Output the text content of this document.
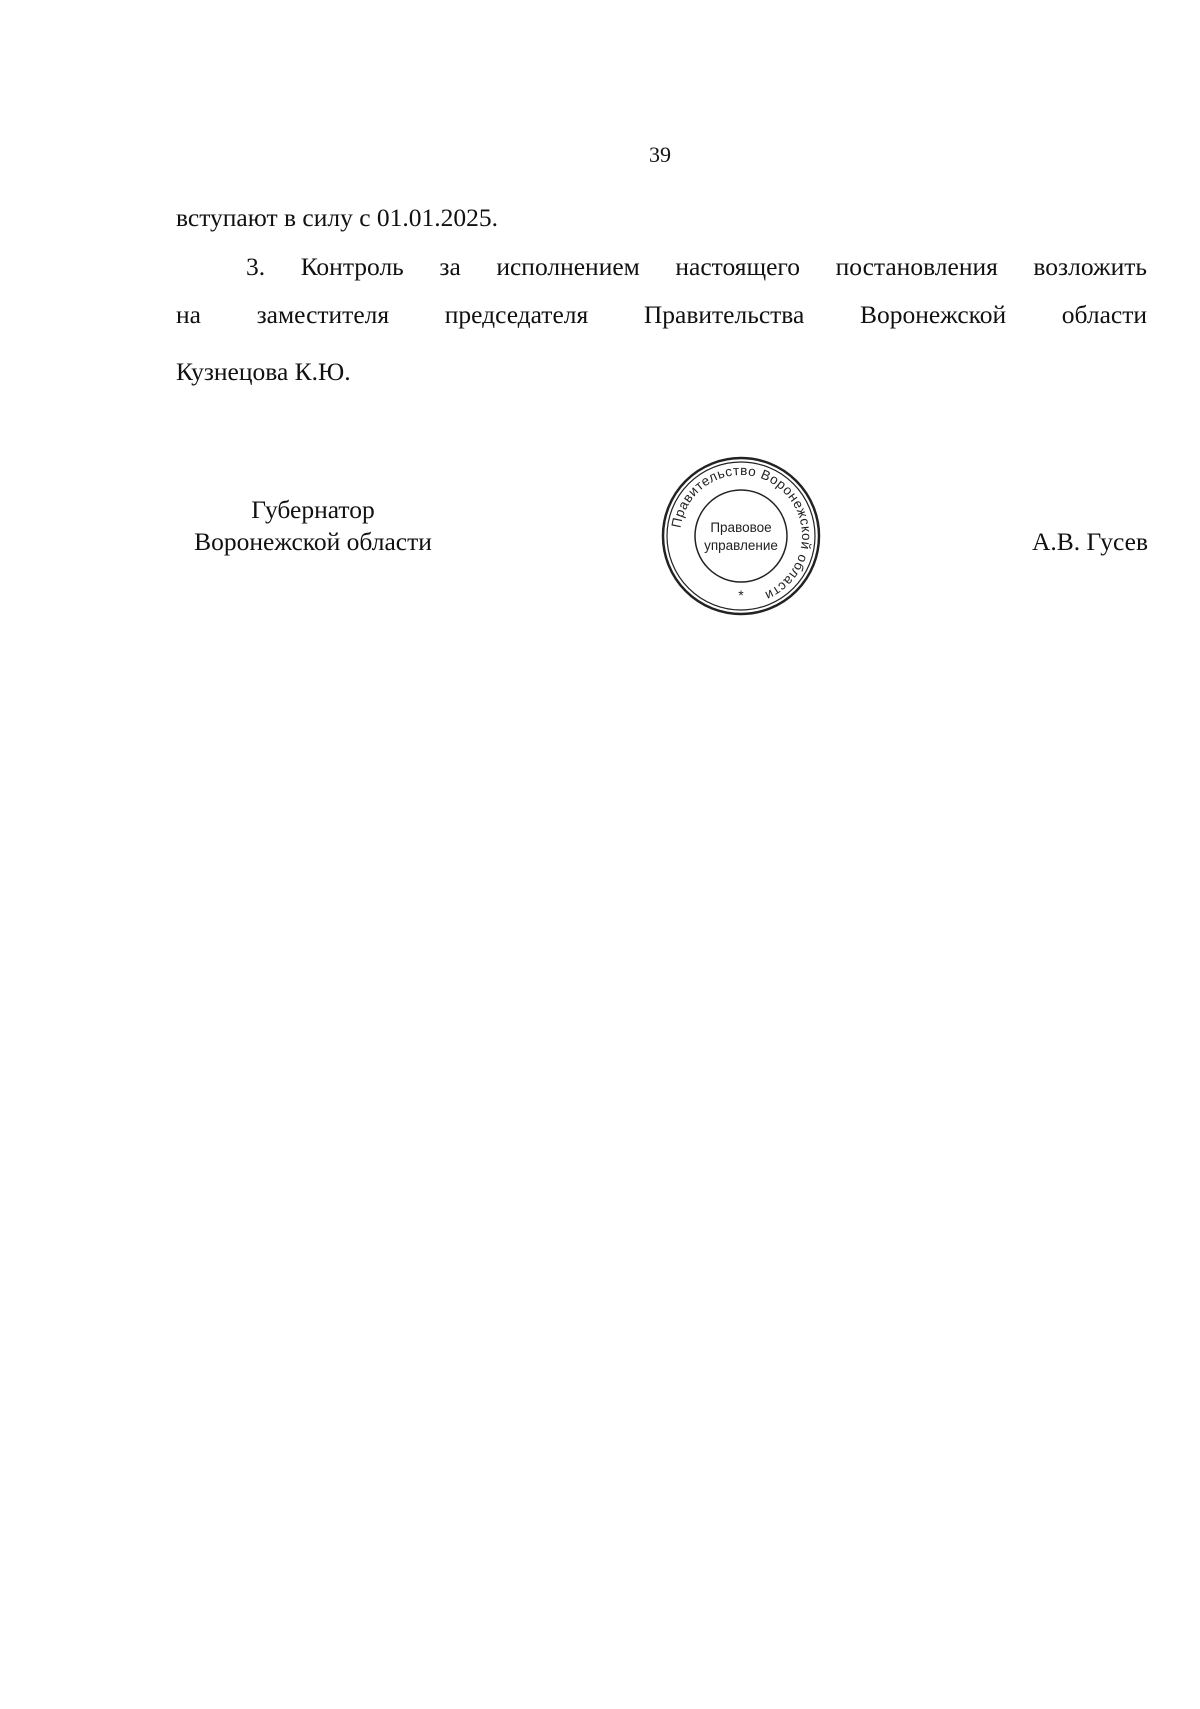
39
вступают в силу с 01.01.2025.
3. Контроль за исполнением настоящего постановления возложить
на заместителя председателя Правительства Воронежской области
Кузнецова К.Ю.
Губернатор
Воронежской области	А.В. Гусев
Правительство Воронежской области
Правовое
управление
*
